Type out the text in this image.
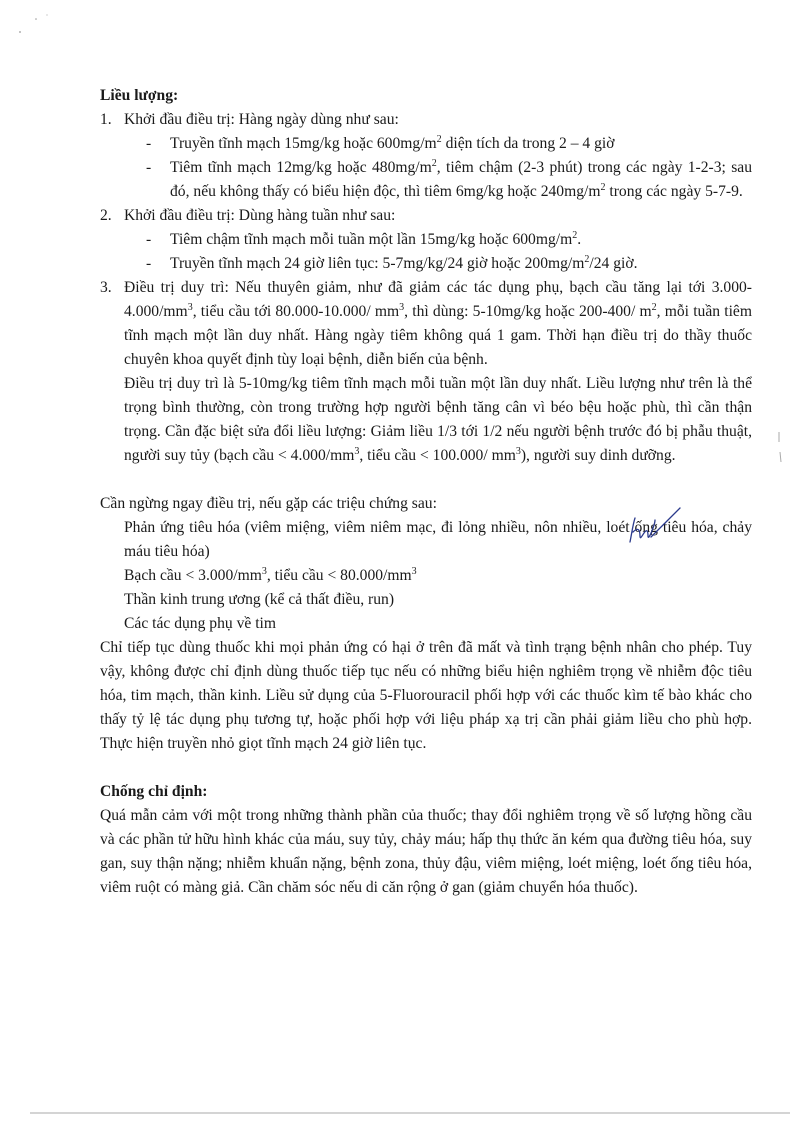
Liều lượng:

1. Khởi đầu điều trị: Hàng ngày dùng như sau:
- Truyền tĩnh mạch 15mg/kg hoặc $600mg/m^2$ diện tích da trong 2 – 4 giờ
- Tiêm tĩnh mạch 12mg/kg hoặc $480mg/m^2$, tiêm chậm (2-3 phút) trong các ngày 1-2-3; sau đó, nếu không thấy có biểu hiện độc, thì tiêm 6mg/kg hoặc $240mg/m^2$ trong các ngày 5-7-9.
2. Khởi đầu điều trị: Dùng hàng tuần như sau:
- Tiêm chậm tĩnh mạch mỗi tuần một lần 15mg/kg hoặc $600mg/m^2$.
- Truyền tĩnh mạch 24 giờ liên tục: 5-7mg/kg/24 giờ hoặc $200mg/m^2/24$ giờ.
3. Điều trị duy trì: Nếu thuyên giảm, như đã giảm các tác dụng phụ, bạch cầu tăng lại tới $3.000-4.000/mm^3$, tiểu cầu tới 80.000-10.000/ $mm^3$, thì dùng: 5-10mg/kg hoặc 200-400/ $m^2$, mỗi tuần tiêm tĩnh mạch một lần duy nhất. Hàng ngày tiêm không quá 1 gam. Thời hạn điều trị do thầy thuốc chuyên khoa quyết định tùy loại bệnh, diễn biến của bệnh.

Điều trị duy trì là 5-10mg/kg tiêm tĩnh mạch mỗi tuần một lần duy nhất. Liều lượng như trên là thể trọng bình thường, còn trong trường hợp người bệnh tăng cân vì béo bệu hoặc phù, thì cần thận trọng. Cần đặc biệt sửa đổi liều lượng: Giảm liều 1/3 tới 1/2 nếu người bệnh trước đó bị phẫu thuật, người suy tủy (bạch cầu < $4.000/mm^3$, tiểu cầu < 100.000/ $mm^3$), người suy dinh dưỡng.

Cần ngừng ngay điều trị, nếu gặp các triệu chứng sau:

Phản ứng tiêu hóa (viêm miệng, viêm niêm mạc, đi lỏng nhiều, nôn nhiều, loét ống tiêu hóa, chảy máu tiêu hóa)

Bạch cầu < $3.000/mm^3$, tiểu cầu < $80.000/mm^3$

Thần kinh trung ương (kể cả thất điều, run)

Các tác dụng phụ về tim

Chỉ tiếp tục dùng thuốc khi mọi phản ứng có hại ở trên đã mất và tình trạng bệnh nhân cho phép. Tuy vậy, không được chỉ định dùng thuốc tiếp tục nếu có những biểu hiện nghiêm trọng về nhiễm độc tiêu hóa, tim mạch, thần kinh. Liều sử dụng của 5-Fluorouracil phối hợp với các thuốc kìm tế bào khác cho thấy tỷ lệ tác dụng phụ tương tự, hoặc phối hợp với liệu pháp xạ trị cần phải giảm liều cho phù hợp. Thực hiện truyền nhỏ giọt tĩnh mạch 24 giờ liên tục.

Chống chỉ định:

Quá mẫn cảm với một trong những thành phần của thuốc; thay đổi nghiêm trọng về số lượng hồng cầu và các phần tử hữu hình khác của máu, suy tủy, chảy máu; hấp thụ thức ăn kém qua đường tiêu hóa, suy gan, suy thận nặng; nhiễm khuẩn nặng, bệnh zona, thủy đậu, viêm miệng, loét miệng, loét ống tiêu hóa, viêm ruột có màng giả. Cần chăm sóc nếu di căn rộng ở gan (giảm chuyển hóa thuốc).
